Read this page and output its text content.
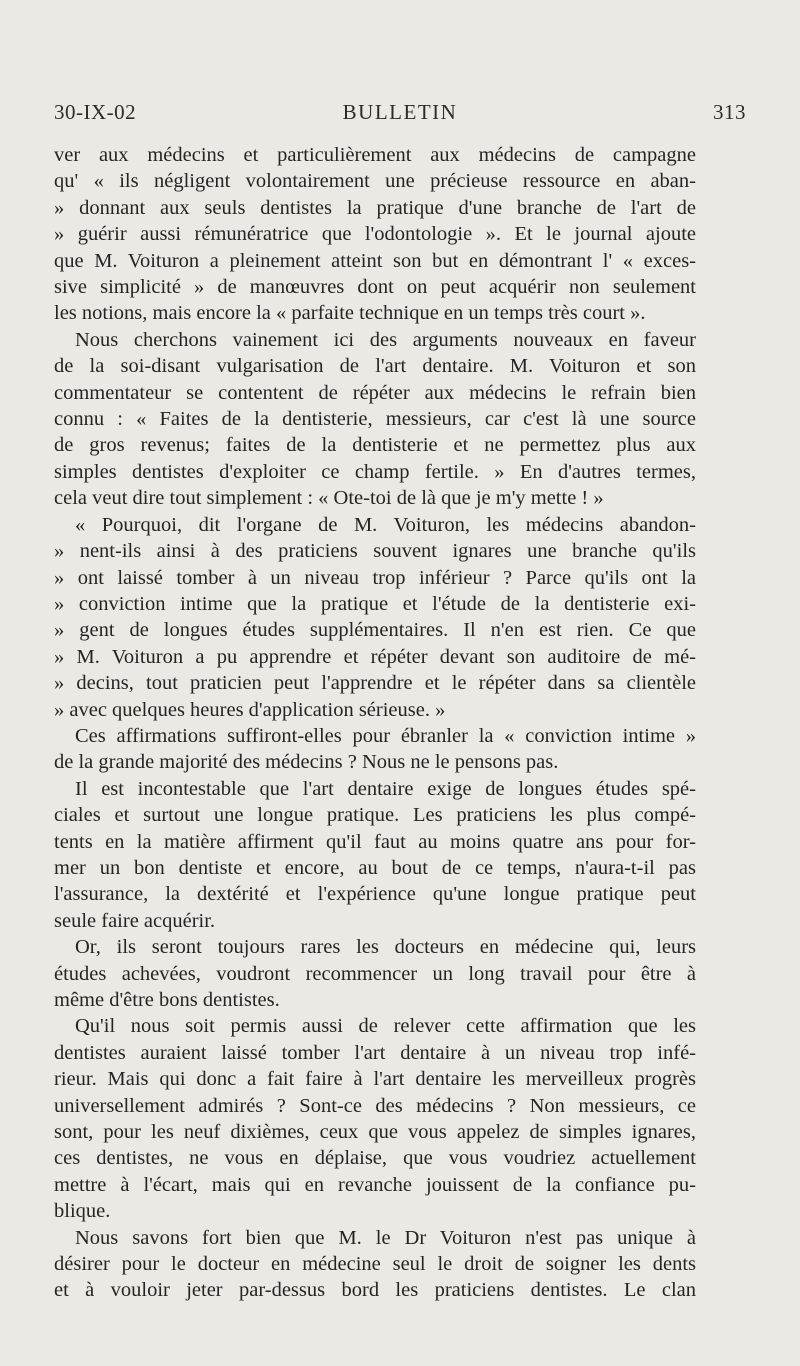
30-IX-02	BULLETIN	313

ver aux médecins et particulièrement aux médecins de campagne
qu' « ils négligent volontairement une précieuse ressource en aban-
» donnant aux seuls dentistes la pratique d'une branche de l'art de
» guérir aussi rémunératrice que l'odontologie ». Et le journal ajoute
que M. Voituron a pleinement atteint son but en démontrant l' « exces-
sive simplicité » de manœuvres dont on peut acquérir non seulement
les notions, mais encore la « parfaite technique en un temps très court ».

Nous cherchons vainement ici des arguments nouveaux en faveur

de la soi-disant vulgarisation de l'art dentaire. M. Voituron et son
commentateur se contentent de répéter aux médecins le refrain bien
connu : « Faites de la dentisterie, messieurs, car c'est là une source
de gros revenus; faites de la dentisterie et ne permettez plus aux
simples dentistes d'exploiter ce champ fertile. » En d'autres termes,
cela veut dire tout simplement : « Ote-toi de là que je m'y mette ! »

« Pourquoi, dit l'organe de M. Voituron, les médecins abandon-

» nent-ils ainsi à des praticiens souvent ignares une branche qu'ils
» ont laissé tomber à un niveau trop inférieur ? Parce qu'ils ont la
» conviction intime que la pratique et l'étude de la dentisterie exi-
» gent de longues études supplémentaires. Il n'en est rien. Ce que
» M. Voituron a pu apprendre et répéter devant son auditoire de mé-
» decins, tout praticien peut l'apprendre et le répéter dans sa clientèle
» avec quelques heures d'application sérieuse. »

Ces affirmations suffiront-elles pour ébranler la « conviction intime »

de la grande majorité des médecins ? Nous ne le pensons pas.

Il est incontestable que l'art dentaire exige de longues études spé-

ciales et surtout une longue pratique. Les praticiens les plus compé-
tents en la matière affirment qu'il faut au moins quatre ans pour for-
mer un bon dentiste et encore, au bout de ce temps, n'aura-t-il pas
l'assurance, la dextérité et l'expérience qu'une longue pratique peut
seule faire acquérir.

Or, ils seront toujours rares les docteurs en médecine qui, leurs

études achevées, voudront recommencer un long travail pour être à
même d'être bons dentistes.

Qu'il nous soit permis aussi de relever cette affirmation que les

dentistes auraient laissé tomber l'art dentaire à un niveau trop infé-
rieur. Mais qui donc a fait faire à l'art dentaire les merveilleux progrès
universellement admirés ? Sont-ce des médecins ? Non messieurs, ce
sont, pour les neuf dixièmes, ceux que vous appelez de simples ignares,
ces dentistes, ne vous en déplaise, que vous voudriez actuellement
mettre à l'écart, mais qui en revanche jouissent de la confiance pu-
blique.

Nous savons fort bien que M. le Dr Voituron n'est pas unique à

désirer pour le docteur en médecine seul le droit de soigner les dents
et à vouloir jeter par-dessus bord les praticiens dentistes. Le clan
